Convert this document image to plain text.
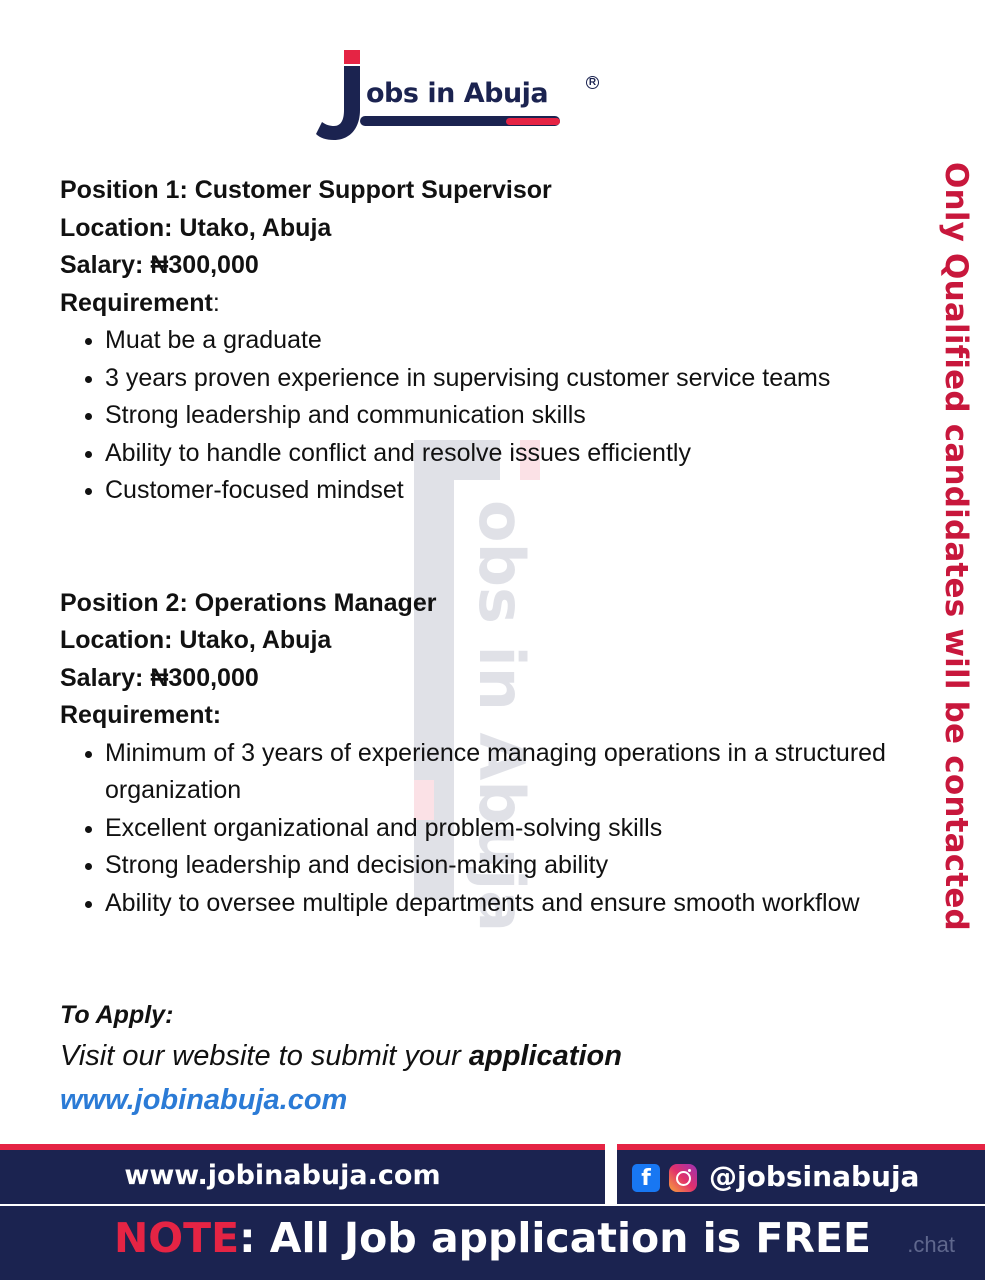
obs in Abuja	R
obs in Abuja	Only Qualified candidates will be contacted

Position 1: Customer Support Supervisor

Location: Utako, Abuja

Salary: ₦300,000

Requirement:

Muat be a graduate
3 years proven experience in supervising customer service teams
Strong leadership and communication skills
Ability to handle conflict and resolve issues efficiently
Customer-focused mindset

Position 2: Operations Manager

Location: Utako, Abuja

Salary: ₦300,000

Requirement:

Minimum of 3 years of experience managing operations in a structured organization
Excellent organizational and problem-solving skills
Strong leadership and decision-making ability
Ability to oversee multiple departments and ensure smooth workflow

To Apply:

Visit our website to submit your application

www.jobinabuja.com

www.jobinabuja.com	f	@jobsinabuja
NOTE: All Job application is FREE	.chat
